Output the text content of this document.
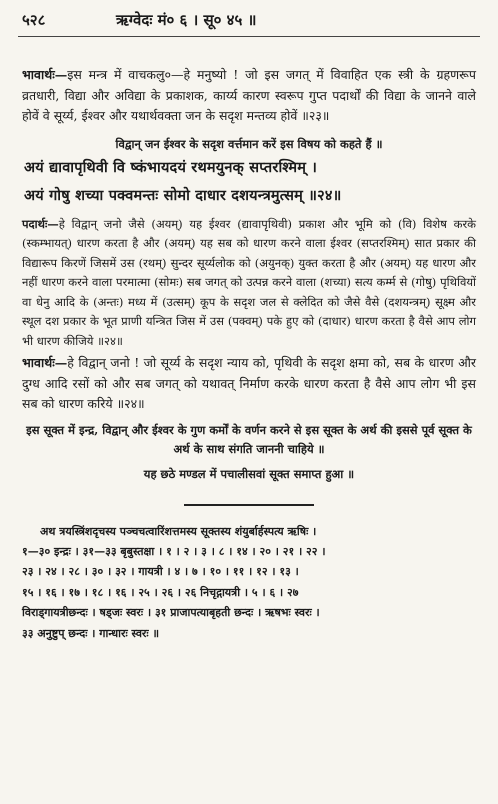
५२८	ऋग्वेदः मं० ६ । सू० ४५ ॥

भावार्थः—इस मन्त्र में वाचकलु०—हे मनुष्यो ! जो इस जगत् में विवाहित एक स्त्री के ग्रहणरूप व्रतधारी, विद्या और अविद्या के प्रकाशक, कार्य्य कारण स्वरूप गुप्त पदार्थों की विद्या के जानने वाले होवें वे सूर्य्य, ईश्वर और यथार्थवक्ता जन के सदृश मन्तव्य होवें ॥२३॥

विद्वान् जन ईश्वर के सदृश वर्त्तमान करें इस विषय को कहते हैं ॥
अयं द्यावापृथिवी वि ष्कंभायदयं रथमयुनक् सप्तरश्मिम् ।
अयं गोषु शच्या पक्वमन्तः सोमो दाधार दशयन्त्रमुत्सम् ॥२४॥

पदार्थः—हे विद्वान् जनो जैसे (अयम्) यह ईश्वर (द्यावापृथिवी) प्रकाश और भूमि को (वि) विशेष करके (स्कम्भायत्) धारण करता है और (अयम्) यह सब को धारण करने वाला ईश्वर (सप्तरश्मिम्) सात प्रकार की विद्यारूप किरणें जिसमें उस (रथम्) सुन्दर सूर्य्यलोक को (अयुनक्) युक्त करता है और (अयम्) यह धारण और नहीं धारण करने वाला परमात्मा (सोमः) सब जगत् को उत्पन्न करने वाला (शच्या) सत्य कर्म्म से (गोषु) पृथिवियों वा धेनु आदि के (अन्तः) मध्य में (उत्सम्) कूप के सदृश जल से क्लेदित को जैसे वैसे (दशयन्त्रम्) सूक्ष्म और स्थूल दश प्रकार के भूत प्राणी यन्त्रित जिस में उस (पक्वम्) पके हुए को (दाधार) धारण करता है वैसे आप लोग भी धारण कीजिये ॥२४॥

भावार्थः—हे विद्वान् जनो ! जो सूर्य्य के सदृश न्याय को, पृथिवी के सदृश क्षमा को, सब के धारण और दुग्ध आदि रसों को और सब जगत् को यथावत् निर्माण करके धारण करता है वैसे आप लोग भी इस सब को धारण करिये ॥२४॥

इस सूक्त में इन्द्र, विद्वान् और ईश्वर के गुण कर्मों के वर्णन करने से इस सूक्त के अर्थ की इससे पूर्व सूक्त के अर्थ के साथ संगति जाननी चाहिये ॥
यह छठे मण्डल में पचालीसवां सूक्त समाप्त हुआ ॥
अथ त्रयस्त्रिंशदृचस्य पञ्चचत्वारिंशत्तमस्य सूक्तस्य शंयुर्बार्हस्पत्य ऋषिः ।
१—३० इन्द्रः । ३१—३३ बृबुस्तक्षा । १ । २ । ३ । ८ । १४ । २० । २१ । २२ ।
२३ । २४ । २८ । ३० । ३२ । गायत्री । ४ । ७ । १० । ११ । १२ । १३ ।
१५ । १६ । १७ । १८ । १६ । २५ । २६ । २६ निचृद्गायत्री । ५ । ६ । २७
विराड्गायत्रीछन्दः । षड्जः स्वरः । ३१ प्राजापत्याबृहती छन्दः । ऋषभः स्वरः ।
३३ अनुष्टुप् छन्दः । गान्धारः स्वरः ॥
